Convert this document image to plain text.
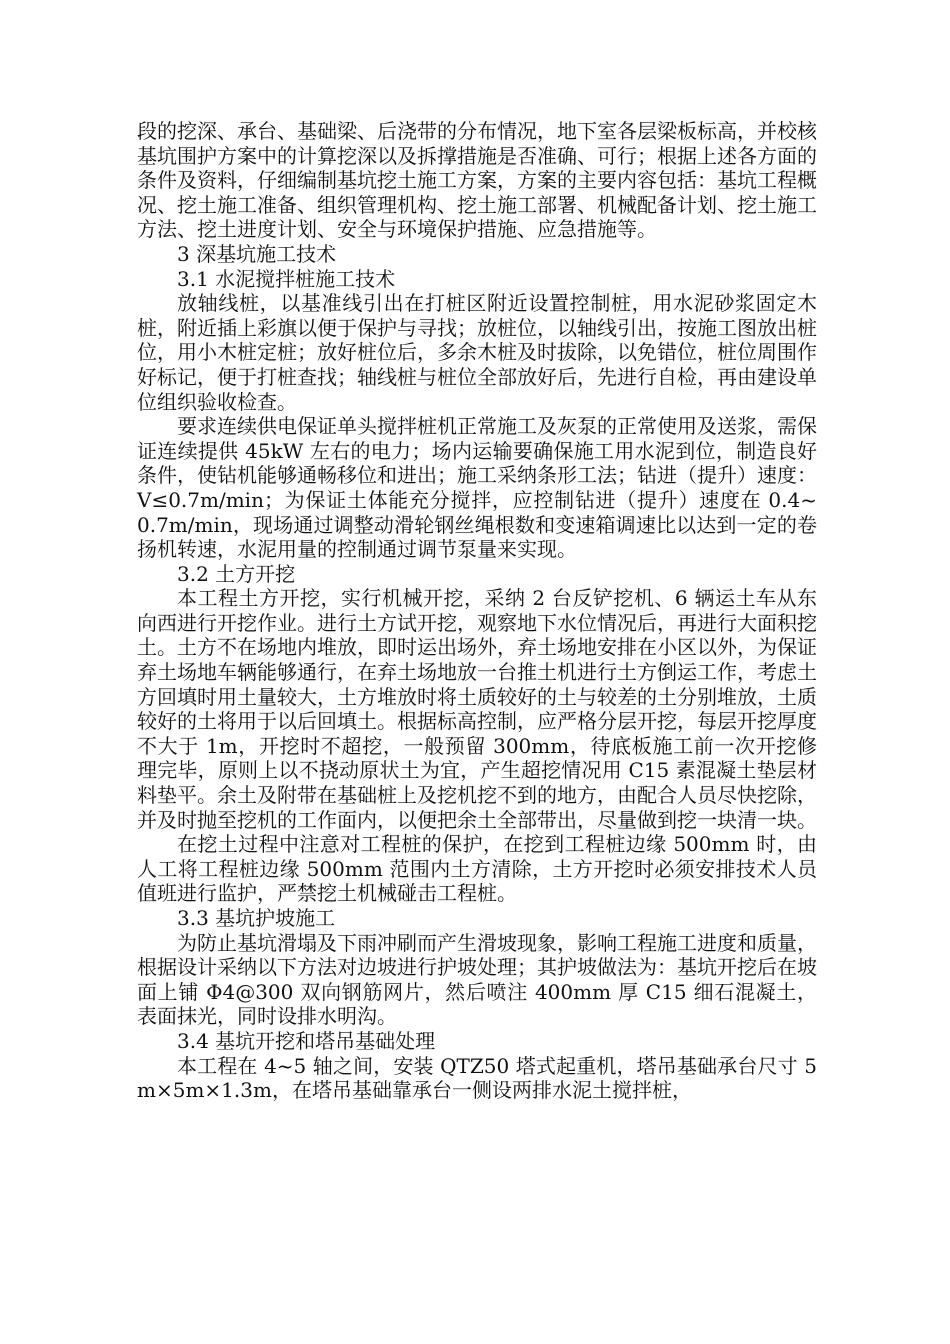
段的挖深、承台、基础梁、后浇带的分布情况，地下室各层梁板标高，并校核基坑围护方案中的计算挖深以及拆撑措施是否准确、可行；根据上述各方面的条件及资料，仔细编制基坑挖土施工方案，方案的主要内容包括：基坑工程概况、挖土施工准备、组织管理机构、挖土施工部署、机械配备计划、挖土施工方法、挖土进度计划、安全与环境保护措施、应急措施等。

3 深基坑施工技术

3.1 水泥搅拌桩施工技术

放轴线桩，以基准线引出在打桩区附近设置控制桩，用水泥砂浆固定木桩，附近插上彩旗以便于保护与寻找；放桩位，以轴线引出，按施工图放出桩位，用小木桩定桩；放好桩位后，多余木桩及时拔除，以免错位，桩位周围作好标记，便于打桩查找；轴线桩与桩位全部放好后，先进行自检，再由建设单位组织验收检查。

要求连续供电保证单头搅拌桩机正常施工及灰泵的正常使用及送浆，需保证连续提供 45kW 左右的电力；场内运输要确保施工用水泥到位，制造良好条件，使钻机能够通畅移位和进出；施工采纳条形工法；钻进（提升）速度：V≤0.7m/min；为保证土体能充分搅拌，应控制钻进（提升）速度在 0.4~0.7m/min，现场通过调整动滑轮钢丝绳根数和变速箱调速比以达到一定的卷扬机转速，水泥用量的控制通过调节泵量来实现。

3.2 土方开挖

本工程土方开挖，实行机械开挖，采纳 2 台反铲挖机、6 辆运土车从东向西进行开挖作业。进行土方试开挖，观察地下水位情况后，再进行大面积挖土。土方不在场地内堆放，即时运出场外，弃土场地安排在小区以外，为保证弃土场地车辆能够通行，在弃土场地放一台推土机进行土方倒运工作，考虑土方回填时用土量较大，土方堆放时将土质较好的土与较差的土分别堆放，土质较好的土将用于以后回填土。根据标高控制，应严格分层开挖，每层开挖厚度不大于 1m，开挖时不超挖，一般预留 300mm，待底板施工前一次开挖修理完毕，原则上以不挠动原状土为宜，产生超挖情况用 C15 素混凝土垫层材料垫平。余土及附带在基础桩上及挖机挖不到的地方，由配合人员尽快挖除，并及时抛至挖机的工作面内，以便把余土全部带出，尽量做到挖一块清一块。

在挖土过程中注意对工程桩的保护，在挖到工程桩边缘 500mm 时，由人工将工程桩边缘 500mm 范围内土方清除，土方开挖时必须安排技术人员值班进行监护，严禁挖土机械碰击工程桩。

3.3 基坑护坡施工

为防止基坑滑塌及下雨冲刷而产生滑坡现象，影响工程施工进度和质量，根据设计采纳以下方法对边坡进行护坡处理；其护坡做法为：基坑开挖后在坡面上铺 Φ4@300 双向钢筋网片，然后喷注 400mm 厚 C15 细石混凝土，表面抹光，同时设排水明沟。

3.4 基坑开挖和塔吊基础处理

本工程在 4~5 轴之间，安装 QTZ50 塔式起重机，塔吊基础承台尺寸 5m×5m×1.3m，在塔吊基础靠承台一侧设两排水泥土搅拌桩，
